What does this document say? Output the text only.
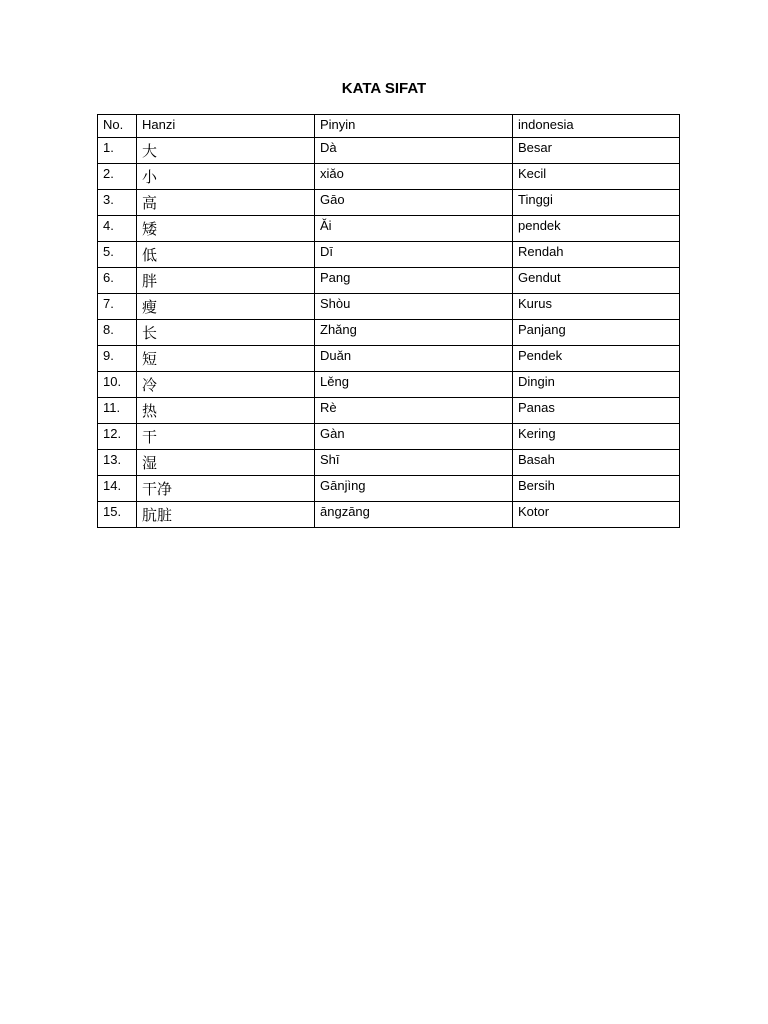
KATA SIFAT
No.	Hanzi	Pinyin	indonesia
1.	大	Dà	Besar
2.	小	xiǎo	Kecil
3.	高	Gāo	Tinggi
4.	矮	Ǎi	pendek
5.	低	Dī	Rendah
6.	胖	Pang	Gendut
7.	瘦	Shòu	Kurus
8.	长	Zhǎng	Panjang
9.	短	Duǎn	Pendek
10.	冷	Lěng	Dingin
11.	热	Rè	Panas
12.	干	Gàn	Kering
13.	湿	Shī	Basah
14.	干净	Gānjìng	Bersih
15.	肮脏	āngzāng	Kotor
